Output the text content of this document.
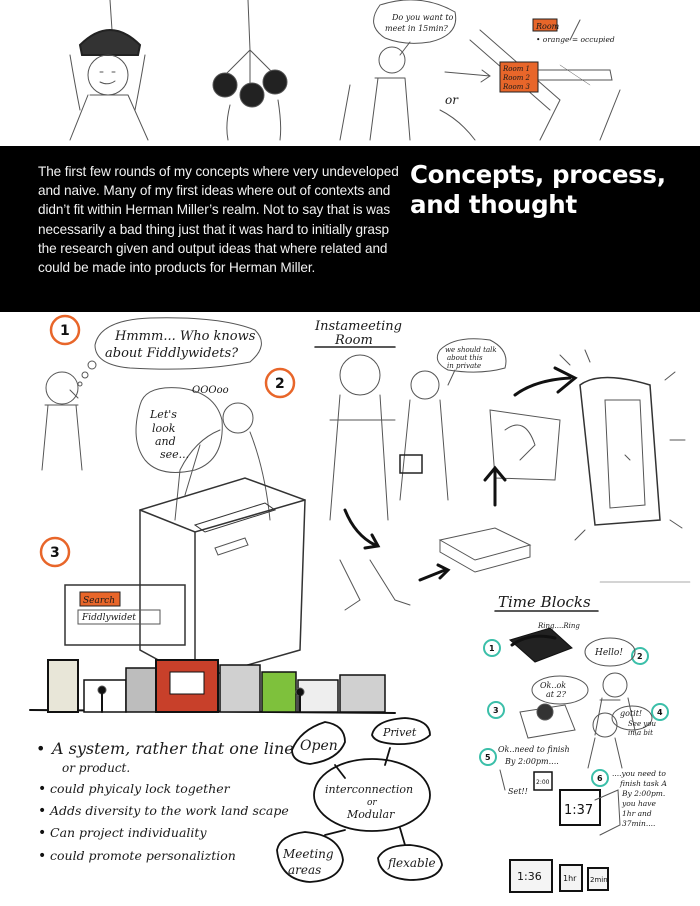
Do you want to
meet in 15min?	Room
• orange = occupied
Room 1
Room 2
Room 3
or
1
2
3
Hmmm... Who knows
about Fiddlywidets?
Let's
look
and
see...
OOOoo
Search
Fiddlywidet
Instameeting
Room
we should talk
about this
in private
Time Blocks
Ring....Ring
Hello!
Ok..ok
at 2?
gotit!
See you
in a bit
Ok..need to finish
By 2:00pm....
Set!!
....you need to
finish task A
By 2:00pm.
you have
1hr and
37min....
1:37
2:00
1:36	1hr 2min
1
2
3	4
5
6
• A system, rather that one line
or product.
• could phyicaly lock together
• Adds diversity to the work land scape
• Can project individuality
• could promote personaliztion
Open
Privet
interconnection
or
Modular
Meeting
areas	flexable
The first few rounds of my concepts where very undeveloped and naive. Many of my first ideas where out of contexts and didn’t fit within Herman Miller’s realm. Not to say that is was necessarily a bad thing just that it was hard to initially grasp the research given and output ideas that where related and could be made into products for Herman Miller.
Concepts, process,
and thought
